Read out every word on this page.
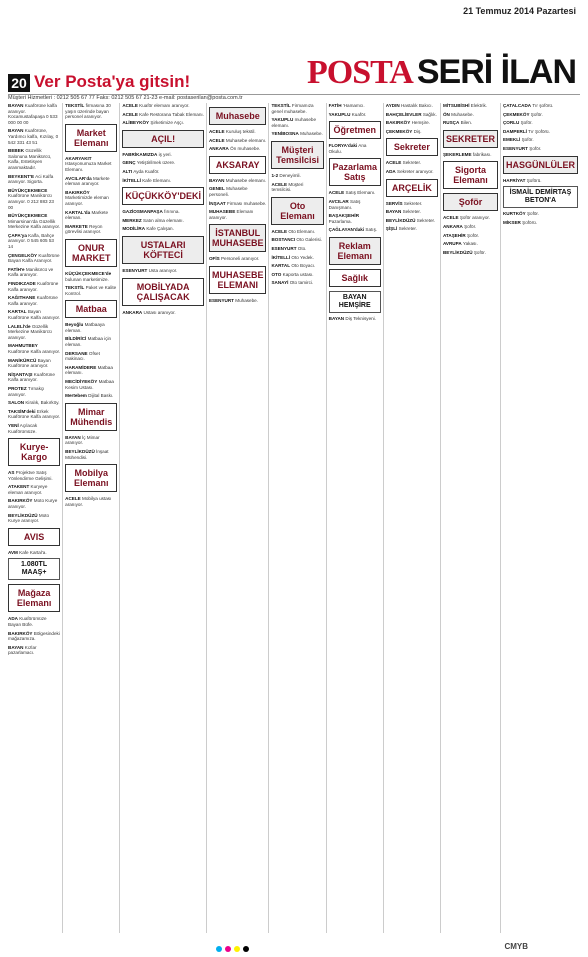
21 Temmuz 2014 Pazartesi
20 Ver Posta'ya gitsin!	POSTA SERİ İLAN
Müşteri Hizmetleri : 0212 505 67 77 Faks: 0212 505 67 21-23 e-mail: postaserilan@posta.com.tr
BAYAN Kuaförüne kalfa aranıyor. Kocamustafapaşa 0 533 000 00 00
BAYAN Kuaförüne, Yardımcı kalfa, Kızılay, 0 542 331 43 51
BEBEK Güzellik Salonuna Manikürcü, Kalfa, Estetisyen aranmaktadır.
BEYKENT'E Aci Kalfa aranıyor. Sigorta.
BÜYÜKÇEKMECE Kuaförüne Manikürcü aranıyor. 0 212 883 23 00
BÜYÜKÇEKMECE Mimarsinan'da Güzellik Merkezine Kalfa aranıyor.
ÇAPA'ya Kalfa, Bahçe aranıyor. 0 545 605 53 14
ÇENGELKÖY Kuaförüne Bayan Kalfa Aranıyor.
FATİH'e Manikürcü ve Kalfa aranıyor.
FINDIKZADE Kuaförüne Kalfa aranıyor.
KAĞITHANE Kuaförüne Kalfa aranıyor.
KARTAL Bayan Kuaförüne Kalfa aranıyor.
LALELİ'de Güzellik Merkezine Manikürcü aranıyor.
MAHMUTBEY Kuaförüne Kalfa aranıyor.
MANİKÜRCÜ Bayan Kuaförüne aranıyor.
NİŞANTAŞI Kuaförüne Kalfa aranıyor.
PROTEZ Tırnakçı aranıyor.
SALON Kiralık, Bakırköy.
TAKSİM'deki Erkek Kuaförüne Kalfa aranıyor.
YENİ Açılacak Kuaförümüze.
Kurye-Kargo
AS Projektve Satış Yönlendirme Gelişimi.
ATAKENT Kuryeye eleman aranıyor.
BAKIRKÖY Moto Kurye aranıyor.
BEYLİKDÜZÜ Moto Kurye aranıyor.
AVIS
AVM Kafe Kartal'a.
1.080TL MAAŞ+
Mağaza Elemanı
ADA Kuaförümüze Bayan Büfe.
BAKIRKÖY Bölgesindeki mağazamıza.
BAYAN Kızlar pazarlamacı.
TEKSTİL firmasına 30 yaşın üzerinde bayan personel aranıyor.
Market Elemanı
AKARYAKIT Istasyonumuza Market Elemanı.
AVCILAR'da Markete eleman aranıyor.
BAKIRKÖY Marketimizde eleman aranıyor.
KARTAL'da Markete eleman.
MARKETE Reyon görevlisi aranıyor.
ONUR MARKET
KÜÇÜKÇEKMECE'de bulunan marketimize.
TEKSTİL Paket ve Kalite Kontrol.
Matbaa
Beyoğlu Matbaaya eleman.
BİLDİRİCİ Matbaa için eleman.
DERSANE Ofset makinacı.
HARAMİDERE Matbaa elemanı.
MECİDİYEKÖY Matbaa Kesim Ustası.
Mertebem Dijital Baskı.
Mimar Mühendis
BAYAN İç Mimar aranıyor.
BEYLİKDÜZÜ İnşaat Mühendisi.
Mobilya Elemanı
ACELE Mobilya ustası aranıyor.
ACELE Kuaför elemanı aranıyor.
ACELE Kafe Restorana Tabak Elemanı.
ALİBEYKÖY Şirketimize Aşçı.
AÇIL!
FABRİKAMIZDA iş yeri.
GENÇ Yetiştirilmek üzere.
ALTI Ayda Kuaför.
İKİTELLİ Kafe Elemanı.
KÜÇÜKKÖY'DEKİ
GAZİOSMANPAŞA fırınına.
MERKEZ Satın alma elemanı.
MODİLİRA Kafe Çalışan.
USTALARI KÖFTECİ
ESENYURT Usta aranıyor.
MOBİLYADA ÇALIŞACAK
ANKARA Ustası aranıyor.
Muhasebe
ACELE Kuruluş tekstil.
ACELE Muhasebe elemanı.
ANKARA Ön muhasebe.
AKSARAY
BAYAN Muhasebe elemanı.
GENEL Muhasebe personeli.
İNŞAAT Firması muhasebe.
MUHASEBE Elemanı aranıyor.
İSTANBUL MUHASEBE
OFİS Personeli aranıyor.
MUHASEBE ELEMANI
ESENYURT Muhasebe.
TEKSTİL Firmamıza genel muhasebe.
YAKUPLU muhasebe elemanı.
YENİBOSNA Muhasebe.
Müşteri Temsilcisi
1-2 Deneyimli.
ACELE Müşteri temsilcisi.
Oto Elemanı
ACELE Oto Elemanı.
BOSTANCI Oto Galerisi.
ESENYURT Oto.
İKİTELLİ Oto Yedek.
KARTAL Oto Boyacı.
OTO Kaporta ustası.
SANAYİ Oto tamirci.
FATİH 'Hamamcı.
YAKUPLU Kuaför.
Öğretmen
FLORYA'daki Ana Okulu.
Pazarlama Satış
ACELE Satış Elemanı.
AVCILAR Satış Danışmanı.
BAŞAKŞEHİR Pazarlama.
ÇAĞLAYAN'daki Satış.
Reklam Elemanı
Sağlık
BAYAN HEMŞİRE
BAYAN Diş Teknisyeni.
AYDIN Hastalık Bakıcı.
BAHÇELİEVLER Sağlık.
BAKIRKÖY Hemşire.
ÇEKMEKÖY Diş.
Sekreter
ACELE Sekreter.
ADA Sekreter aranıyor.
ARÇELİK
SERVİS Sekreter.
BAYAN Sekreter.
BEYLİKDÜZÜ Sekreter.
ŞİŞLİ Sekreter.
MİTSUBİSHİ Elektrik.
ÖN Muhasebe.
RUSÇA Bilen.
SEKRETER
ŞEKERLEME fabrikası.
Sigorta Elemanı
Şoför
ACELE Şoför aranıyor.
ANKARA Şoför.
ATAŞEHİR Şoför.
AVRUPA Yakası.
BEYLİKDÜZÜ Şoför.
ÇATALCADA Tır şoförü.
ÇEKMEKÖY Şoför.
ÇORLU Şoför.
DAMPERLİ Tır Şoförü.
EMEKLİ Şoför.
ESENYURT Şoför.
HASGÜNLÜLER
HAFRİYAT Şoförü.
İSMAİL DEMİRTAŞ BETON'A
KURTKÖY Şoför.
MİKSER Şoförü.
CMYB
